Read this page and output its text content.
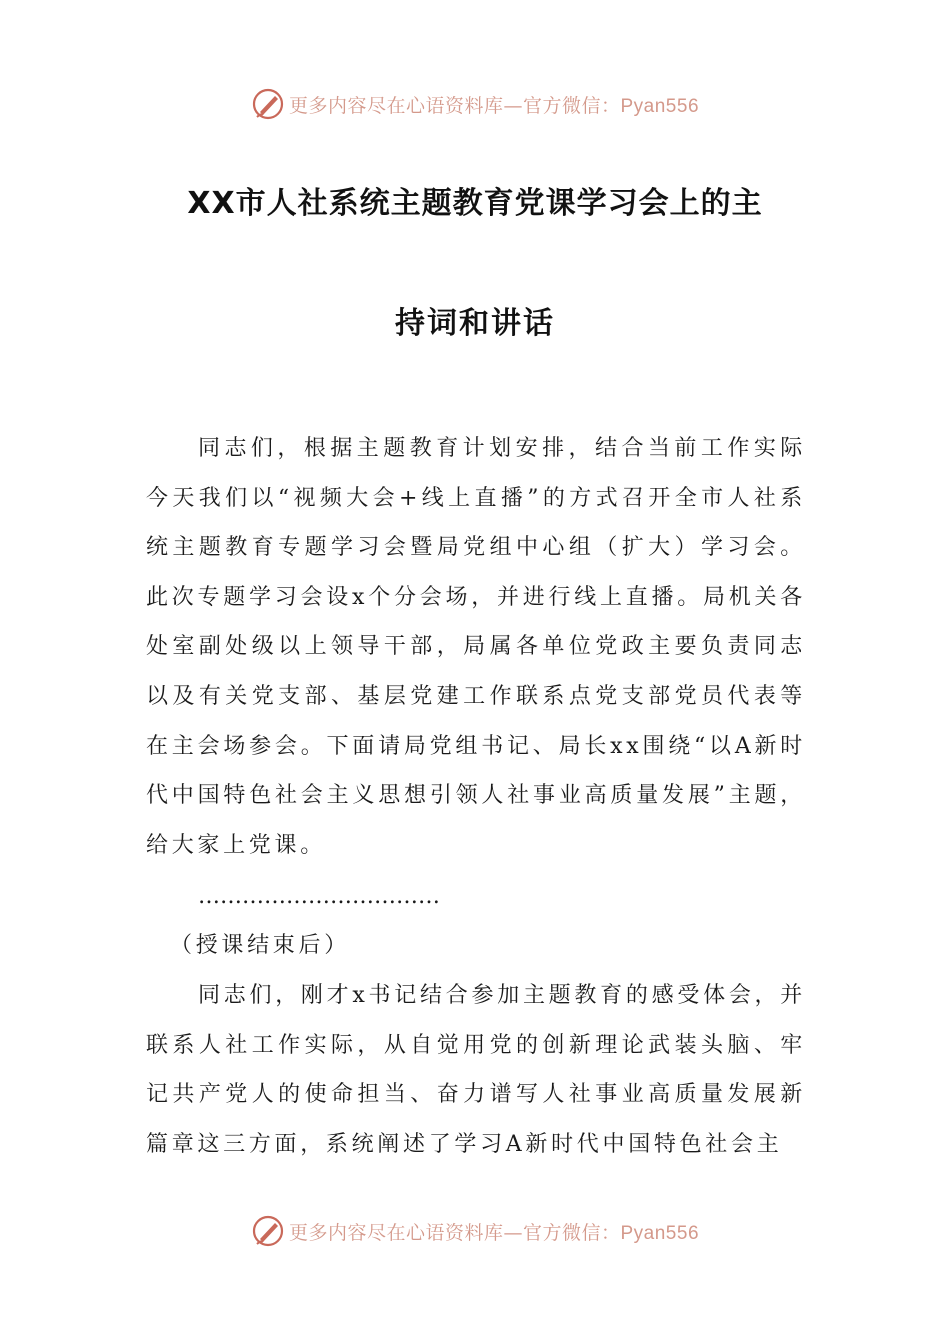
更多内容尽在心语资料库—官方微信：Pyan556
XX市人社系统主题教育党课学习会上的主
持词和讲话

同志们，根据主题教育计划安排，结合当前工作实际今天我们以“视频大会+线上直播”的方式召开全市人社系统主题教育专题学习会暨局党组中心组（扩大）学习会。此次专题学习会设x个分会场，并进行线上直播。局机关各处室副处级以上领导干部，局属各单位党政主要负责同志以及有关党支部、基层党建工作联系点党支部党员代表等在主会场参会。下面请局党组书记、局长xx围绕“以A新时代中国特色社会主义思想引领人社事业高质量发展”主题，给大家上党课。

……………………………

（授课结束后）

同志们，刚才x书记结合参加主题教育的感受体会，并联系人社工作实际，从自觉用党的创新理论武装头脑、牢记共产党人的使命担当、奋力谱写人社事业高质量发展新篇章这三方面，系统阐述了学习A新时代中国特色社会主

更多内容尽在心语资料库—官方微信：Pyan556
